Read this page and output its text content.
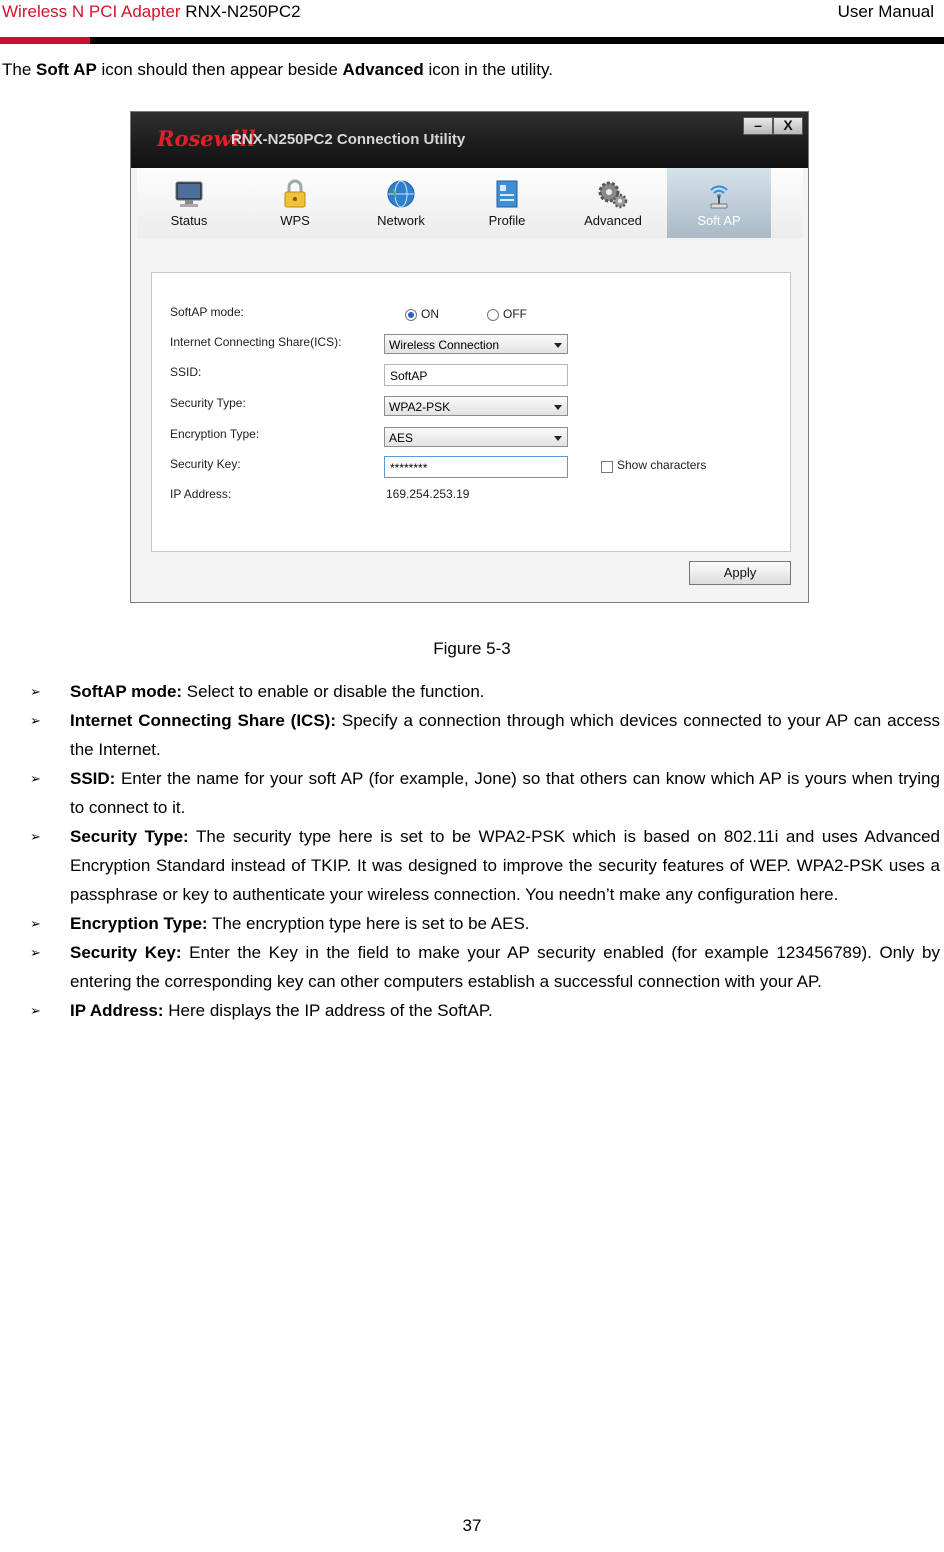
Wireless N PCI Adapter RNX-N250PC2	User Manual
The Soft AP icon should then appear beside Advanced icon in the utility.
Rosewill
RNX-N250PC2 Connection Utility
–	X
Status	WPS	Network	Profile	Advanced	Soft AP
SoftAP mode:	ON	OFF
Internet Connecting Share(ICS):	Wireless Connection
SSID:	SoftAP
Security Type:	WPA2-PSK
Encryption Type:	AES
Security Key:	********	Show characters
IP Address:	169.254.253.19
Apply
Figure 5-3
➢ SoftAP mode: Select to enable or disable the function.
➢ Internet Connecting Share (ICS): Specify a connection through which devices connected to your AP can access the Internet.
➢ SSID: Enter the name for your soft AP (for example, Jone) so that others can know which AP is yours when trying to connect to it.
➢ Security Type: The security type here is set to be WPA2-PSK which is based on 802.11i and uses Advanced Encryption Standard instead of TKIP. It was designed to improve the security features of WEP. WPA2-PSK uses a passphrase or key to authenticate your wireless connection. You needn’t make any configuration here.
➢ Encryption Type: The encryption type here is set to be AES.
➢ Security Key: Enter the Key in the field to make your AP security enabled (for example 123456789). Only by entering the corresponding key can other computers establish a successful connection with your AP.
➢ IP Address: Here displays the IP address of the SoftAP.
37
